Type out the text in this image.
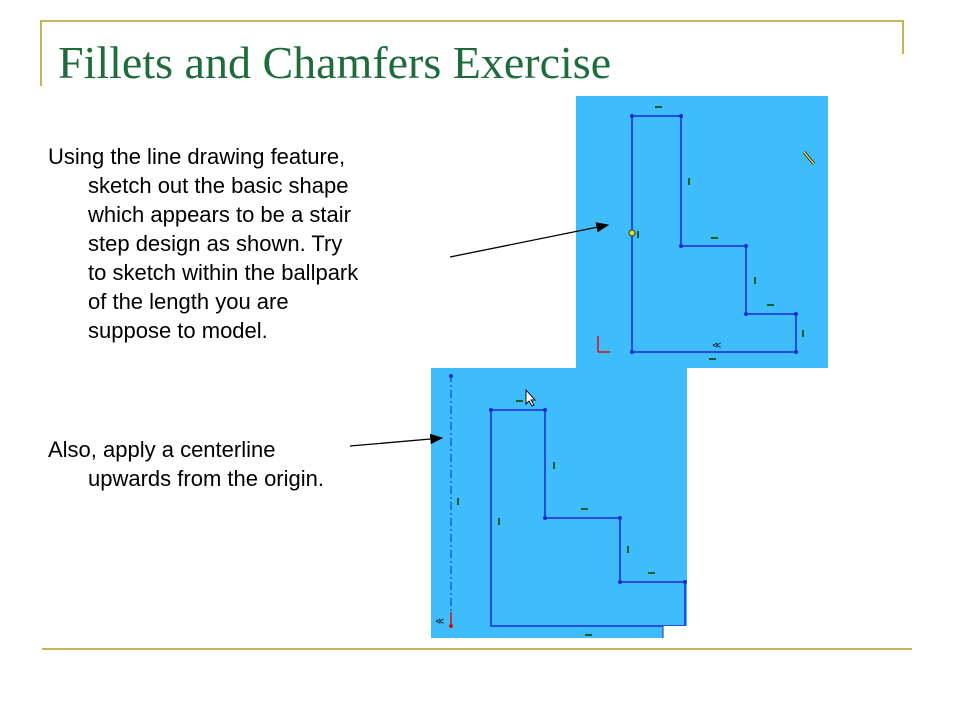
Fillets and Chamfers Exercise
≪
≪
Using the line drawing feature,
sketch out the basic shape
which appears to be a stair
step design as shown. Try
to sketch within the ballpark
of the length you are
suppose to model.
Also, apply a centerline
upwards from the origin.
